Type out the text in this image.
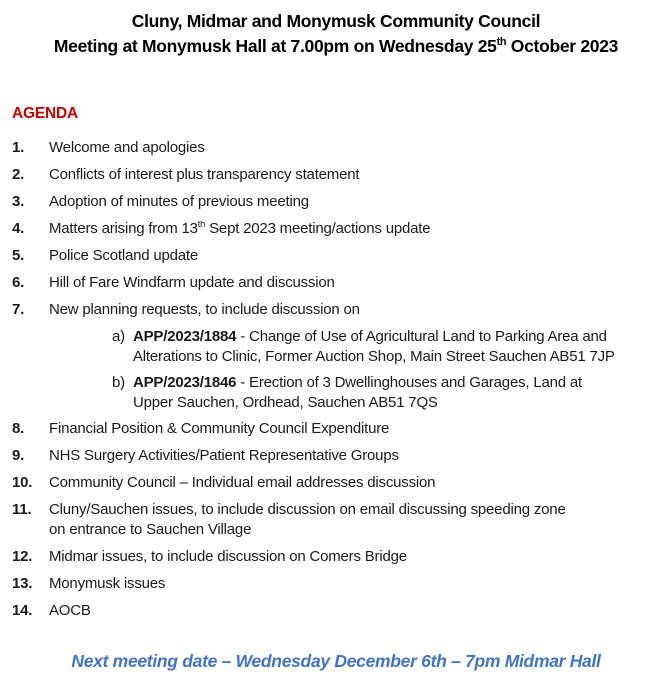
Cluny, Midmar and Monymusk Community Council
Meeting at Monymusk Hall at 7.00pm on Wednesday 25th October 2023
AGENDA
1.	Welcome and apologies
2.	Conflicts of interest plus transparency statement
3.	Adoption of minutes of previous meeting
4.	Matters arising from 13th Sept 2023 meeting/actions update
5.	Police Scotland update
6.	Hill of Fare Windfarm update and discussion
7.	New planning requests, to include discussion on
a) APP/2023/1884 - Change of Use of Agricultural Land to Parking Area and
Alterations to Clinic, Former Auction Shop, Main Street Sauchen AB51 7JP
b) APP/2023/1846 - Erection of 3 Dwellinghouses and Garages, Land at
Upper Sauchen, Ordhead, Sauchen AB51 7QS
8.	Financial Position & Community Council Expenditure
9.	NHS Surgery Activities/Patient Representative Groups
10.	Community Council – Individual email addresses discussion
11.	Cluny/Sauchen issues, to include discussion on email discussing speeding zone
on entrance to Sauchen Village
12.	Midmar issues, to include discussion on Comers Bridge
13.	Monymusk issues
14.	AOCB
Next meeting date – Wednesday December 6th – 7pm Midmar Hall
